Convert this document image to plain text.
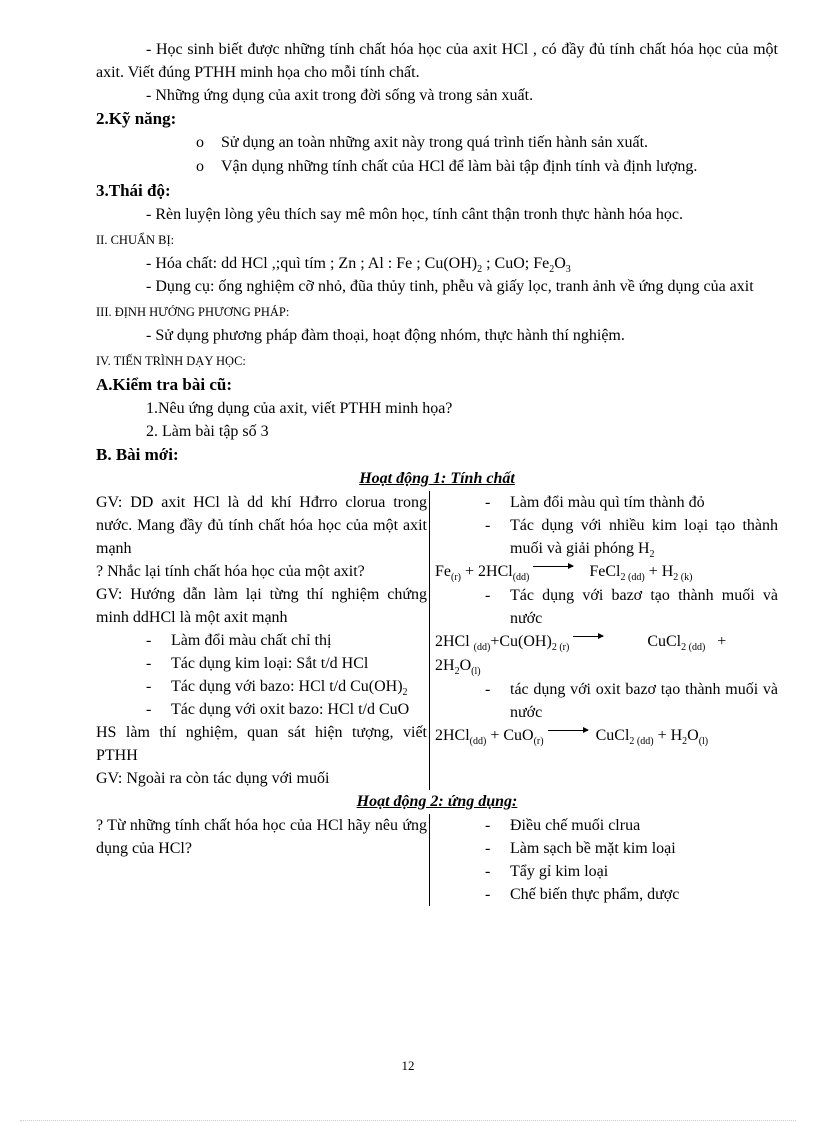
- Học sinh biết được những tính chất hóa học của axit HCl , có đầy đủ tính chất hóa học của một axit. Viết đúng PTHH minh họa cho mỗi tính chất.

- Những ứng dụng của axit trong đời sống và trong sản xuất.

2.Kỹ năng:

o Sử dụng an toàn những axit này trong quá trình tiến hành sản xuất.
o Vận dụng những tính chất của HCl để làm bài tập định tính và định lượng.

3.Thái độ:

- Rèn luyện lòng yêu thích say mê môn học, tính cânt thận tronh thực hành hóa học.

II. CHUẨN BỊ:

- Hóa chất: dd HCl ,;quì tím ; Zn ; Al : Fe ; $Cu(OH)_2$ ; CuO; $Fe_2O_3$

- Dụng cụ: ống nghiệm cỡ nhỏ, đũa thủy tinh, phễu và giấy lọc, tranh ảnh về ứng dụng của axit

III. ĐỊNH HƯỚNG PHƯƠNG PHÁP:

- Sử dụng phương pháp đàm thoại, hoạt động nhóm, thực hành thí nghiệm.

IV. TIẾN TRÌNH DẠY HỌC:

A.Kiểm tra bài cũ:

1.Nêu ứng dụng của axit, viết PTHH minh họa?

2. Làm bài tập số 3

B. Bài mới:

Hoạt động 1: Tính chất

GV: DD axit HCl là dd khí Hđrro clorua trong nước. Mang đầy đủ tính chất hóa học của một axit mạnh

? Nhắc lại tính chất hóa học của một axit?

GV: Hướng dẫn làm lại từng thí nghiệm chứng minh ddHCl là một axit mạnh

- Làm đổi màu chất chỉ thị
- Tác dụng kim loại: Sắt t/d HCl
- Tác dụng với bazo: HCl t/d $Cu(OH)_2$
- Tác dụng với oxit bazo: HCl t/d CuO

HS làm thí nghiệm, quan sát hiện tượng, viết PTHH

GV: Ngoài ra còn tác dụng với muối

- Làm đổi màu quì tím thành đỏ
- Tác dụng với nhiều kim loại tạo thành muối và giải phóng $H_2$

$Fe_{(r)} + 2HCl_{(dd)}$ → FeCl$_{2 (dd)}$ + $H_{2 (k)}$

- Tác dụng với bazơ tạo thành muối và nước

2HCl $_{(dd)}+Cu(OH)_{2 (r)}$	CuCl$_{2 (dd)}$   +
$2H_2O_{(l)}$

- tác dụng với oxit bazơ tạo thành muối và nước

2HCl$_{(dd)}$ + CuO$_{(r)}$ → CuCl$_{2 (dd)}$ + $H_2O_{(l)}$

Hoạt động 2: ứng dụng:

? Từ những tính chất hóa học của HCl hãy nêu ứng dụng của HCl?

- Điều chế muối clrua
- Làm sạch bề mặt kim loại
- Tẩy gỉ kim loại
- Chế biến thực phẩm, dược
12
